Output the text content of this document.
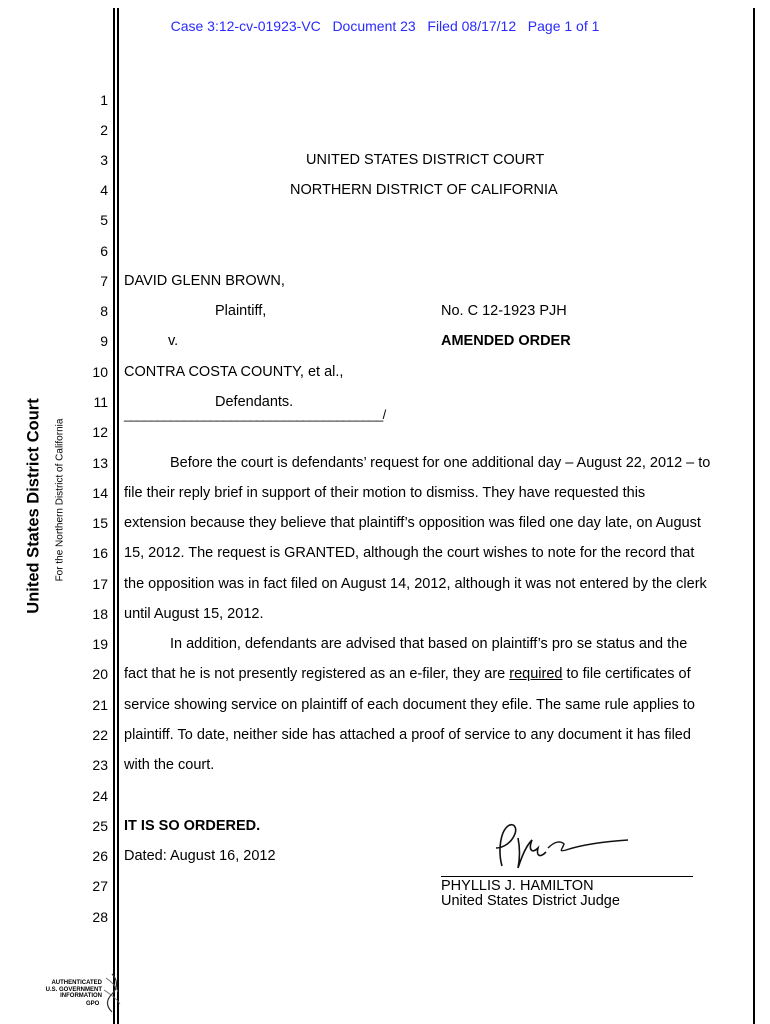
Case 3:12-cv-01923-VC   Document 23   Filed 08/17/12   Page 1 of 1
United States District Court For the Northern District of California
1
2
3
4
5
6
7
8
9
10
11
12
13
14
15
16
17
18
19
20
21
22
23
24
25
26
27
28
UNITED STATES DISTRICT COURT
NORTHERN DISTRICT OF CALIFORNIA
DAVID GLENN BROWN,
Plaintiff,	No. C 12-1923 PJH
v.	AMENDED ORDER
CONTRA COSTA COUNTY, et al.,
Defendants.
_______________________________________/
Before the court is defendants’ request for one additional day – August 22, 2012 – to
file their reply brief in support of their motion to dismiss. They have requested this
extension because they believe that plaintiff’s opposition was filed one day late, on August
15, 2012. The request is GRANTED, although the court wishes to note for the record that
the opposition was in fact filed on August 14, 2012, although it was not entered by the clerk
until August 15, 2012.
In addition, defendants are advised that based on plaintiff’s pro se status and the
fact that he is not presently registered as an e-filer, they are required to file certificates of
service showing service on plaintiff of each document they efile. The same rule applies to
plaintiff. To date, neither side has attached a proof of service to any document it has filed
with the court.
IT IS SO ORDERED.
Dated: August 16, 2012
PHYLLIS J. HAMILTON
United States District Judge
AUTHENTICATED
U.S. GOVERNMENT
INFORMATION
GPO
